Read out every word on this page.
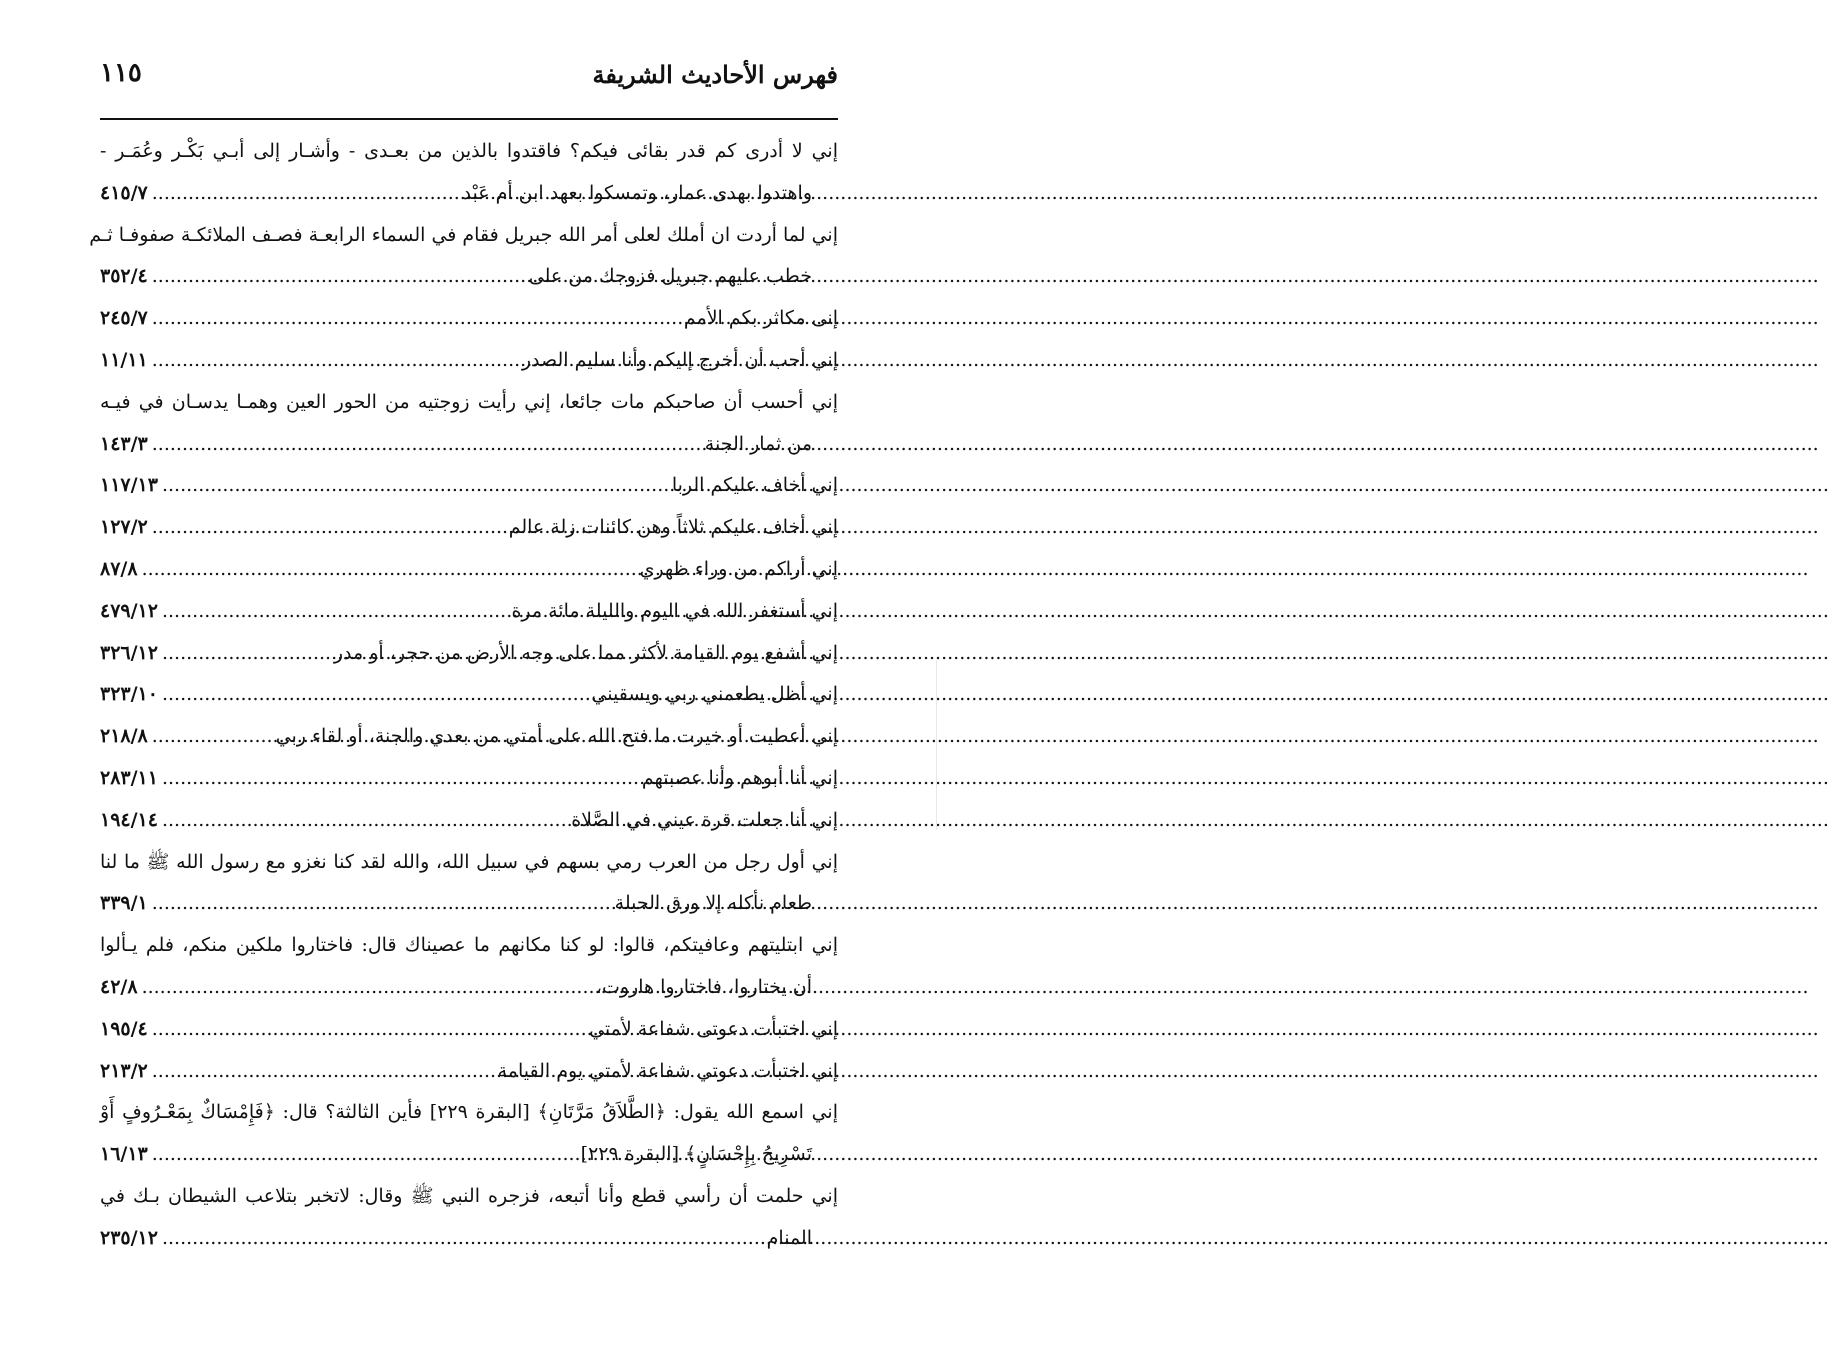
فهرس الأحاديث الشريفة
١١٥
إني لا أدرى كم قدر بقائى فيكم؟ فاقتدوا بالذين من بعـدى - وأشـار إلى أبـي بَكْـر وعُمَـر -
واهتدوا بهدى عمار، وتمسكوا بعهد ابن أم عَبْد
.....
٤١٥/٧
إني لما أردت ان أملك لعلى أمر الله جبريل فقام في السماء الرابعـة فصـف الملائكـة صفوفـا ثـم
خطب عليهم جبريل فزوجك من على
.....
٣٥٢/٤
إنى مكاثر بكم الأمم
.....
٢٤٥/٧
إني أحب أن أخرج إليكم وأنا سليم الصدر
.....
١١/١١
إني أحسب أن صاحبكم مات جائعا، إني رأيت زوجتيه من الحور العين وهمـا يدسـان في فيـه
من ثمار الجنة
.....
١٤٣/٣
إني أخاف عليكم الربا
.....
١١٧/١٣
إني أخاف عليكم ثلاثاً وهن كائنات زلة عالم
.....
١٢٧/٢
إني أراكم من وراء ظهري
.....
٨٧/٨
إني أستغفر الله في اليوم والليلة مائة مرة
.....
٤٧٩/١٢
إني أشفع يوم القيامة لأكثر مما على وجه الأرض من حجر، أو مدر
.....
٣٢٦/١٢
إني أظل يطعمني ربي ويسقيني
.....
٣٢٣/١٠
إني أعطيت أو خيرت ما فتح الله على أمتي من بعدي والجنة، أو لقاء ربي
.....
٢١٨/٨
إني أنا أبوهم وأنا عصبتهم
.....
٢٨٣/١١
إني أنا جعلت قرة عيني في الصَّلاة
.....
١٩٤/١٤
إني أول رجل من العرب رمي بسهم في سبيل الله، والله لقد كنا نغزو مع رسول الله ﷺ ما لنا
طعام نأكله إلا ورق الحبلة
.....
٣٣٩/١
إني ابتليتهم وعافيتكم، قالوا: لو كنا مكانهم ما عصيناك قال: فاختاروا ملكين منكم، فلم يـألوا
أن يختاروا، فاختاروا هاروت،
.....
٤٢/٨
إني اختبأت دعوتى شفاعة لأمتي
.....
١٩٥/٤
إني اختبأت دعوتي شفاعة لأمتي يوم القيامة
.....
٢١٣/٢
إني اسمع الله يقول: ﴿الطَّلاَقُ مَرَّتَانِ﴾ [البقرة ٢٢٩] فأين الثالثة؟ قال: ﴿فَإِمْسَاكٌ بِمَعْـرُوفٍ أَوْ
تَسْرِيحُ بِإِحْسَانٍ﴾ [البقرة ٢٢٩]
.....
١٦/١٣
إني حلمت أن رأسي قطع وأنا أتبعه، فزجره النبي ﷺ وقال: لاتخبر بتلاعب الشيطان بـك في
المنام
.....
٢٣٥/١٢
